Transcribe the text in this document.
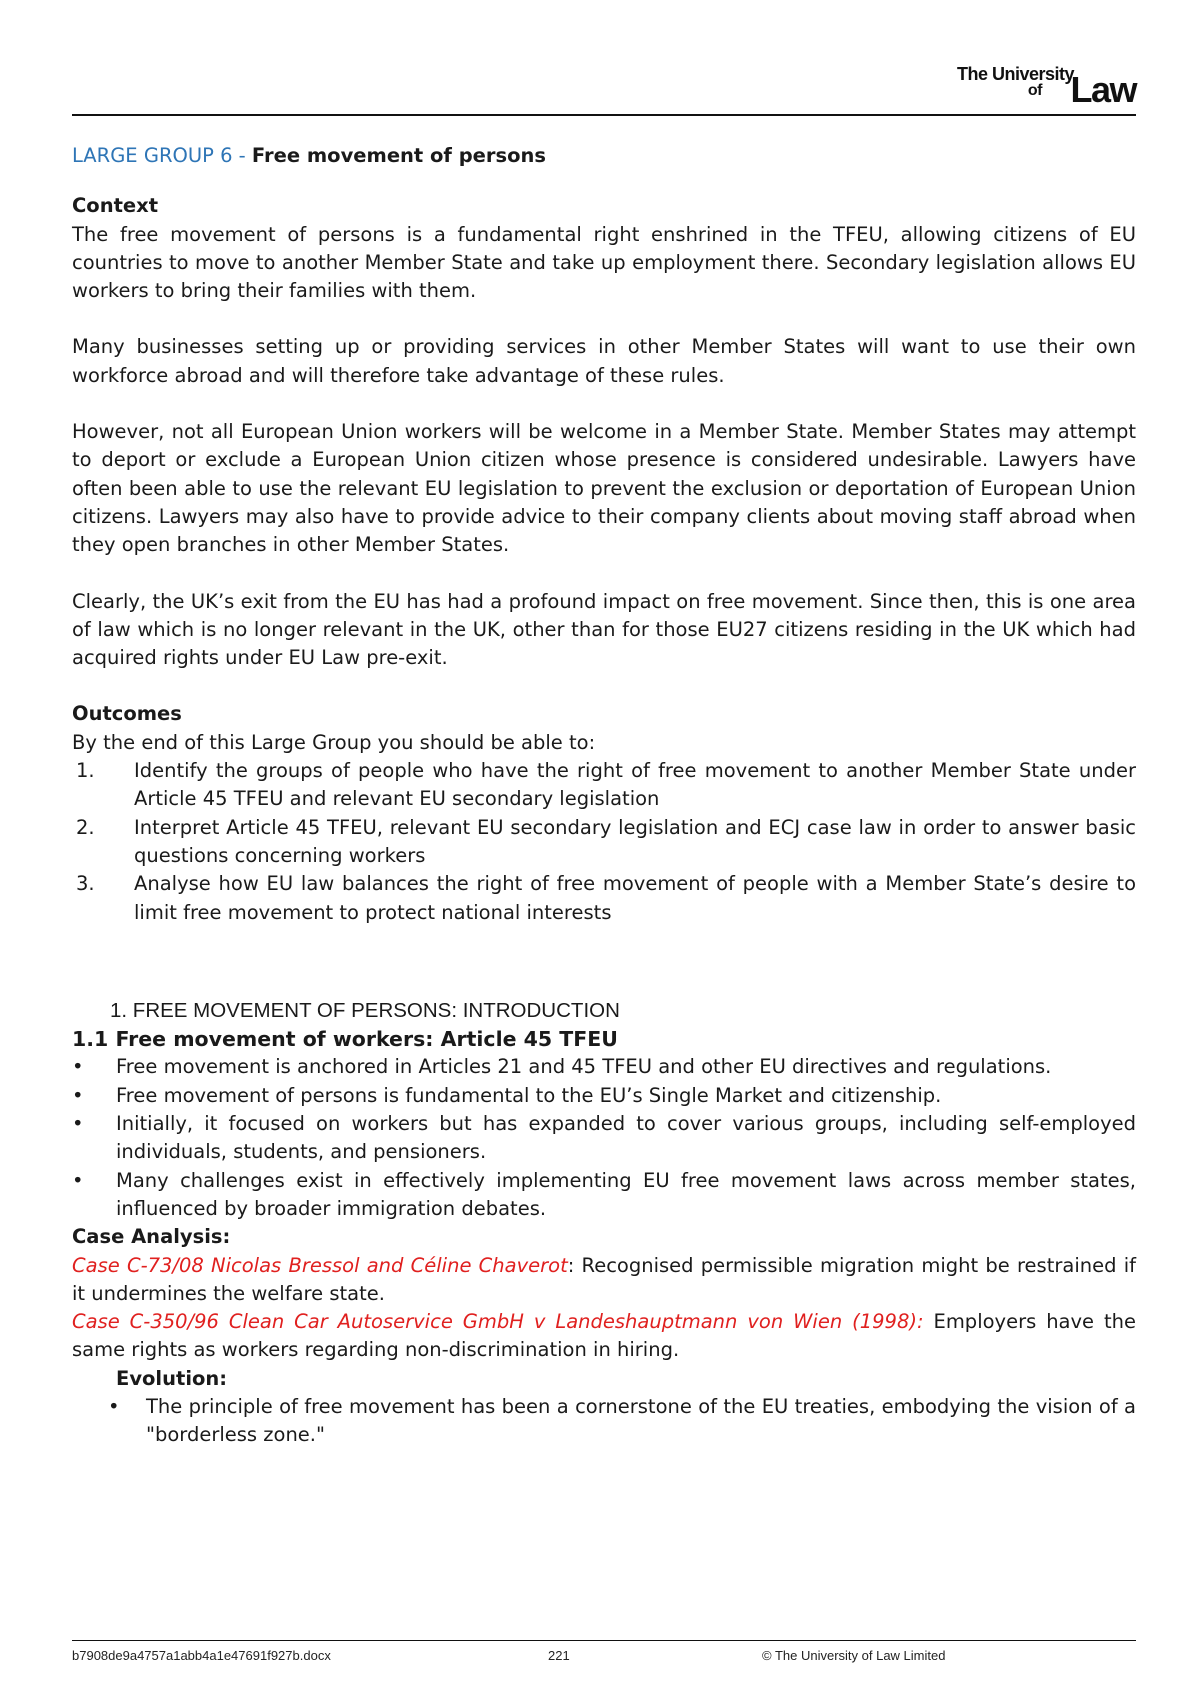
The University
of Law

LARGE GROUP 6 - Free movement of persons

Context

The free movement of persons is a fundamental right enshrined in the TFEU, allowing citizens of EU countries to move to another Member State and take up employment there. Secondary legislation allows EU workers to bring their families with them.

Many businesses setting up or providing services in other Member States will want to use their own workforce abroad and will therefore take advantage of these rules.

However, not all European Union workers will be welcome in a Member State. Member States may attempt to deport or exclude a European Union citizen whose presence is considered undesirable. Lawyers have often been able to use the relevant EU legislation to prevent the exclusion or deportation of European Union citizens. Lawyers may also have to provide advice to their company clients about moving staff abroad when they open branches in other Member States.

Clearly, the UK’s exit from the EU has had a profound impact on free movement. Since then, this is one area of law which is no longer relevant in the UK, other than for those EU27 citizens residing in the UK which had acquired rights under EU Law pre-exit.

Outcomes

By the end of this Large Group you should be able to:

1. Identify the groups of people who have the right of free movement to another Member State under Article 45 TFEU and relevant EU secondary legislation
2. Interpret Article 45 TFEU, relevant EU secondary legislation and ECJ case law in order to answer basic questions concerning workers
3. Analyse how EU law balances the right of free movement of people with a Member State’s desire to limit free movement to protect national interests

1. FREE MOVEMENT OF PERSONS: INTRODUCTION

1.1 Free movement of workers: Article 45 TFEU

• Free movement is anchored in Articles 21 and 45 TFEU and other EU directives and regulations.
• Free movement of persons is fundamental to the EU’s Single Market and citizenship.
• Initially, it focused on workers but has expanded to cover various groups, including self-employed individuals, students, and pensioners.
• Many challenges exist in effectively implementing EU free movement laws across member states, influenced by broader immigration debates.

Case Analysis:

Case C-73/08 Nicolas Bressol and Céline Chaverot: Recognised permissible migration might be restrained if it undermines the welfare state.

Case C-350/96 Clean Car Autoservice GmbH v Landeshauptmann von Wien (1998): Employers have the same rights as workers regarding non-discrimination in hiring.

Evolution:

• The principle of free movement has been a cornerstone of the EU treaties, embodying the vision of a "borderless zone."
b7908de9a4757a1abb4a1e47691f927b.docx	221	© The University of Law Limited
